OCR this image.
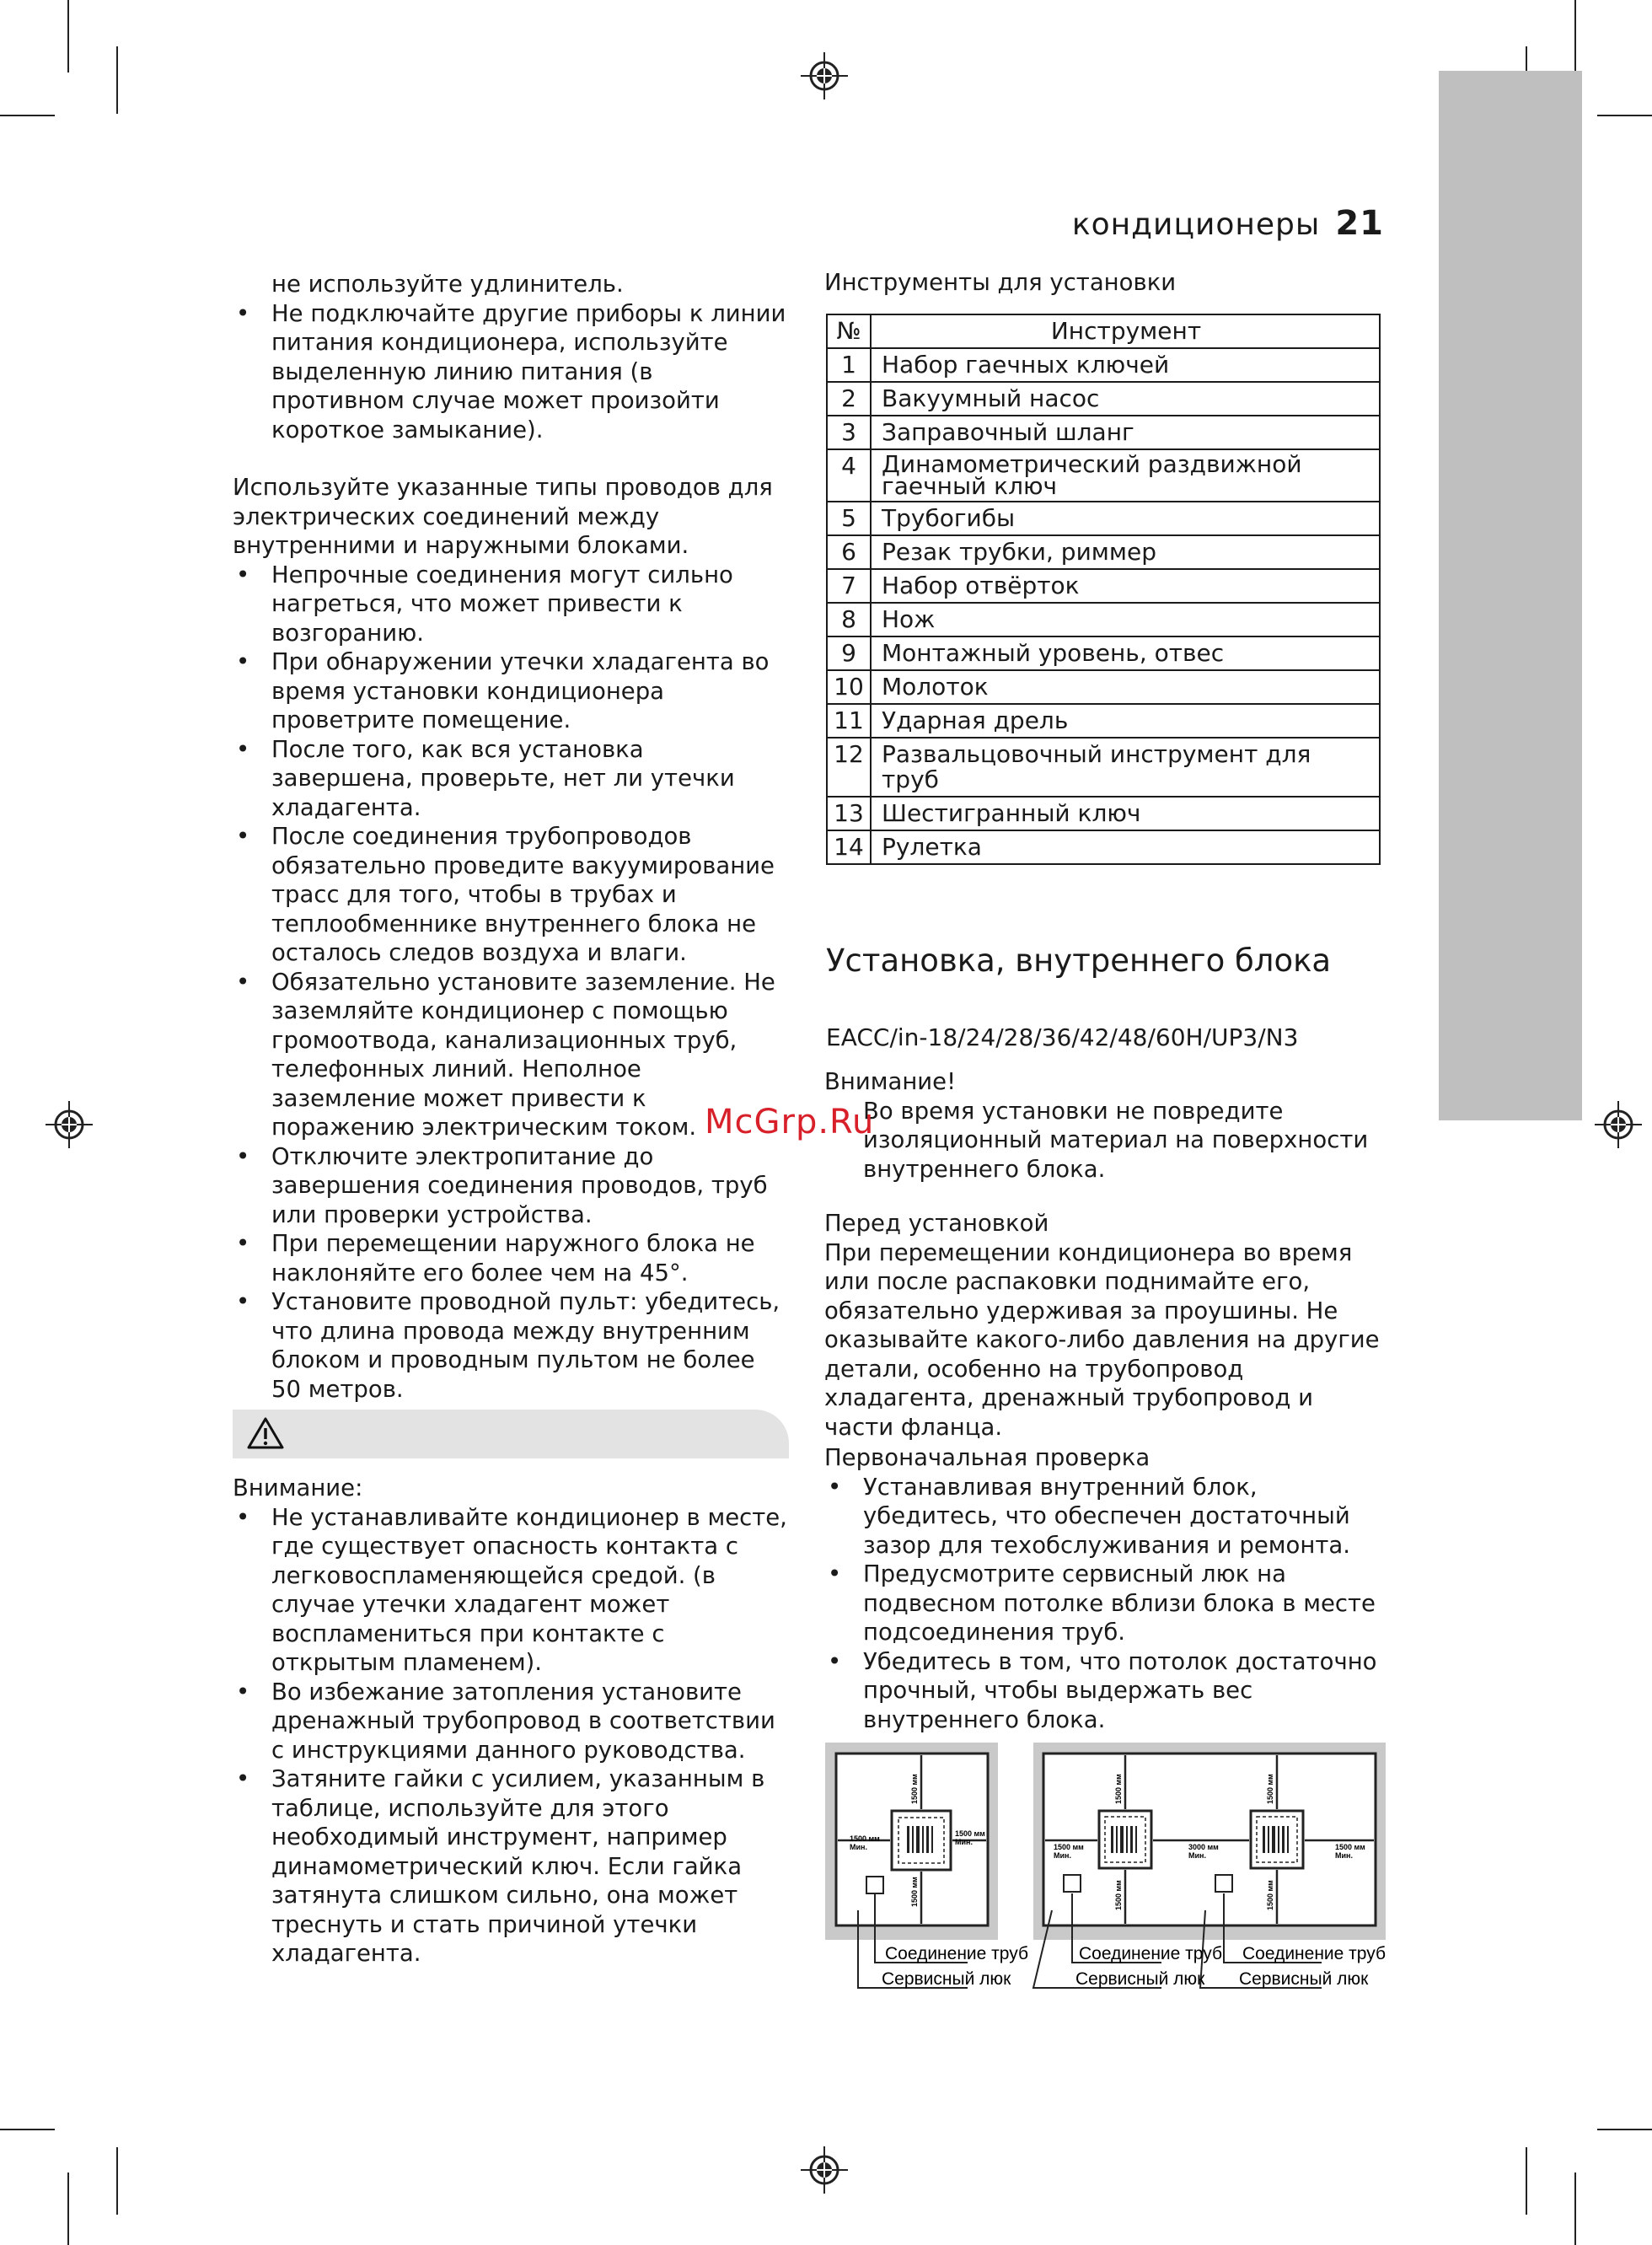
кондиционеры 21

не используйте удлинитель.

• Не подключайте другие приборы к линии питания кондиционера, используйте выделенную линию питания (в противном случае может произойти короткое замыкание).

Используйте указанные типы проводов для электрических соединений между внутренними и наружными блоками.

• Непрочные соединения могут сильно нагреться, что может привести к возгоранию.
• При обнаружении утечки хладагента во время установки кондиционера проветрите помещение.
• После того, как вся установка завершена, проверьте, нет ли утечки хладагента.
• После соединения трубопроводов обязательно проведите вакуумирование трасс для того, чтобы в трубах и теплообменнике внутреннего блока не осталось следов воздуха и влаги.
• Обязательно установите заземление. Не заземляйте кондиционер с помощью громоотвода, канализационных труб, телефонных линий. Неполное заземление может привести к поражению электрическим током.
• Отключите электропитание до завершения соединения проводов, труб или проверки устройства.
• При перемещении наружного блока не наклоняйте его более чем на 45°.
• Установите проводной пульт: убедитесь, что длина провода между внутренним блоком и проводным пультом не более 50 метров.

Внимание:

• Не устанавливайте кондиционер в месте, где существует опасность контакта с легковоспламеняющейся средой. (в случае утечки хладагент может воспламениться при контакте с открытым пламенем).
• Во избежание затопления установите дренажный трубопровод в соответствии с инструкциями данного руководства.
• Затяните гайки с усилием, указанным в таблице, используйте для этого необходимый инструмент, например динамометрический ключ. Если гайка затянута слишком сильно, она может треснуть и стать причиной утечки хладагента.
Инструменты для установки
№	Инструмент
1	Набор гаечных ключей
2	Вакуумный насос
3	Заправочный шланг
4	Динамометрический раздвижной гаечный ключ
5	Трубогибы
6	Резак трубки, риммер
7	Набор отвёрток
8	Нож
9	Монтажный уровень, отвес
10	Молоток
11	Ударная дрель
12	Развальцовочный инструмент для труб
13	Шестигранный ключ
14	Рулетка
Установка, внутреннего блока
EACC/in-18/24/28/36/42/48/60H/UP3/N3

Внимание!

Во время установки не повредите изоляционный материал на поверхности внутреннего блока.

Перед установкой

При перемещении кондиционера во время или после распаковки поднимайте его, обязательно удерживая за проушины. Не оказывайте какого-либо давления на другие детали, особенно на трубопровод хладагента, дренажный трубопровод и части фланца.

Первоначальная проверка

• Устанавливая внутренний блок, убедитесь, что обеспечен достаточный зазор для техобслуживания и ремонта.
• Предусмотрите сервисный люк на подвесном потолке вблизи блока в месте подсоединения труб.
• Убедитесь в том, что потолок достаточно прочный, чтобы выдержать вес внутреннего блока.
McGrp.Ru
1500 мм
Мин.
1500 мм
Мин.
1500 мм
1500 мм
1500 мм
Мин.
3000 мм
Мин.
1500 мм
Мин.
1500 мм
1500 мм
1500 мм
1500 мм
Соединение труб
Сервисный люк
Соединение труб
Сервисный люк
Соединение труб
Сервисный люк
